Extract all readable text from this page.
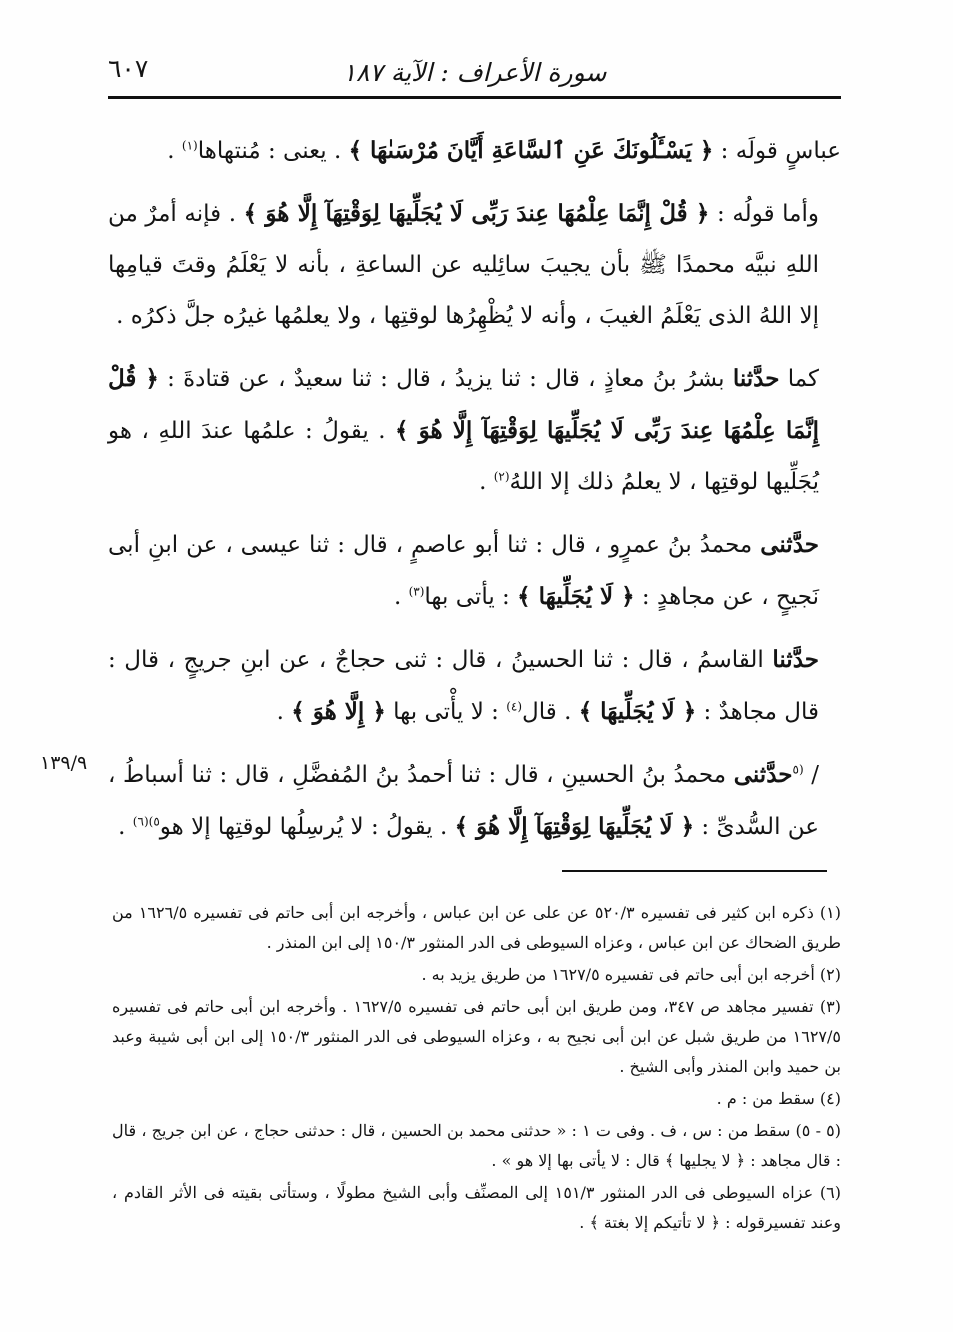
سورة الأعراف : الآية ١٨٧
٦٠٧

عباسٍ قولَه : ﴿ يَسْـَٔلُونَكَ عَنِ ٱلسَّاعَةِ أَيَّانَ مُرْسَىٰهَا ﴾ . يعنى : مُنتهاها$^{(١)}$ .

وأما قولُه : ﴿ قُلْ إِنَّمَا عِلْمُهَا عِندَ رَبِّى لَا يُجَلِّيهَا لِوَقْتِهَآ إِلَّا هُوَ ﴾ . فإنه أمرٌ من اللهِ نبيَّه محمدًا ﷺ بأن يجيبَ سائِليه عن الساعةِ ، بأنه لا يَعْلَمُ وقتَ قيامِها إلا اللهُ الذى يَعْلَمُ الغيبَ ، وأنه لا يُظْهِرُها لوقتِها ، ولا يعلمُها غيرُه جلَّ ذكرُه .

كما حدَّثنا بشرُ بنُ معاذٍ ، قال : ثنا يزيدُ ، قال : ثنا سعيدٌ ، عن قتادةَ : ﴿ قُلْ إِنَّمَا عِلْمُهَا عِندَ رَبِّى لَا يُجَلِّيهَا لِوَقْتِهَآ إِلَّا هُوَ ﴾ . يقولُ : علمُها عندَ اللهِ ، هو يُجَلِّيها لوقتِها ، لا يعلمُ ذلك إلا اللهُ$^{(٢)}$ .

حدَّثنى محمدُ بنُ عمرٍو ، قال : ثنا أبو عاصمٍ ، قال : ثنا عيسى ، عن ابنِ أبى نَجيحٍ ، عن مجاهدٍ : ﴿ لَا يُجَلِّيهَا ﴾ : يأتى بها$^{(٣)}$ .

حدَّثنا القاسمُ ، قال : ثنا الحسينُ ، قال : ثنى حجاجٌ ، عن ابنِ جريجٍ ، قال : قال مجاهدٌ : ﴿ لَا يُجَلِّيهَا ﴾ . قال$^{(٤)}$ : لا يأْتى بها ﴿ إِلَّا هُوَ ﴾ .

/ $^{(٥}$حدَّثنى محمدُ بنُ الحسينِ ، قال : ثنا أحمدُ بنُ المُفضَّلِ ، قال : ثنا أسباطُ ، عن السُّدىِّ : ﴿ لَا يُجَلِّيهَا لِوَقْتِهَآ إِلَّا هُوَ ﴾ . يقولُ : لا يُرسِلُها لوقتِها إلا هو$^{٥)(٦)}$ .

١٣٩/٩

(١) ذكره ابن كثير فى تفسيره ٥٢٠/٣ عن على عن ابن عباس ، وأخرجه ابن أبى حاتم فى تفسيره ١٦٢٦/٥ من طريق الضحاك عن ابن عباس ، وعزاه السيوطى فى الدر المنثور ١٥٠/٣ إلى ابن المنذر .

(٢) أخرجه ابن أبى حاتم فى تفسيره ١٦٢٧/٥ من طريق يزيد به .

(٣) تفسير مجاهد ص ٣٤٧، ومن طريق ابن أبى حاتم فى تفسيره ١٦٢٧/٥ . وأخرجه ابن أبى حاتم فى تفسيره ١٦٢٧/٥ من طريق شبل عن ابن أبى نجيح به ، وعزاه السيوطى فى الدر المنثور ١٥٠/٣ إلى ابن أبى شيبة وعبد بن حميد وابن المنذر وأبى الشيخ .

(٤) سقط من : م .

(٥ - ٥) سقط من : س ، ف . وفى ت ١ : « حدثنى محمد بن الحسين ، قال : حدثنى حجاج ، عن ابن جريج ، قال : قال مجاهد : ﴿ لا يجليها ﴾ قال : لا يأتى بها إلا هو » .

(٦) عزاه السيوطى فى الدر المنثور ١٥١/٣ إلى المصنِّف وأبى الشيخ مطولًا ، وستأتى بقيته فى الأثر القادم ، وعند تفسيرقوله : ﴿ لا تأتيكم إلا بغتة ﴾ .
